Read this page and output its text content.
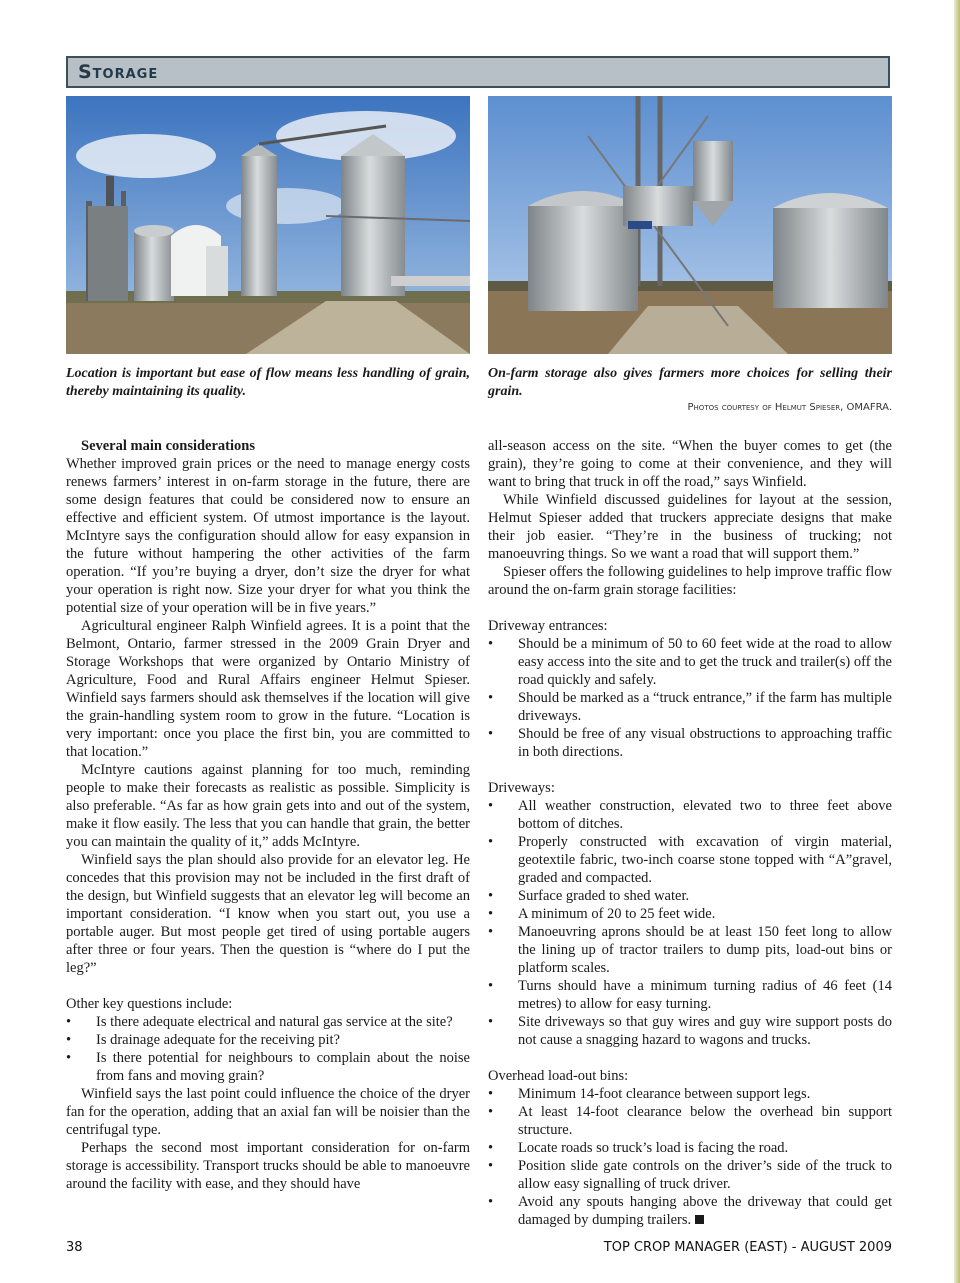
Storage
Location is important but ease of flow means less handling of grain, thereby maintaining its quality.
On-farm storage also gives farmers more choices for selling their grain.
Photos courtesy of Helmut Spieser, OMAFRA.

Several main considerations

Whether improved grain prices or the need to manage energy costs renews farmers’ interest in on-farm storage in the future, there are some design features that could be considered now to ensure an effective and efficient system. Of utmost importance is the layout. McIntyre says the configuration should allow for easy expansion in the future without hampering the other activities of the farm operation. “If you’re buying a dryer, don’t size the dryer for what your operation is right now. Size your dryer for what you think the potential size of your operation will be in five years.”

Agricultural engineer Ralph Winfield agrees. It is a point that the Belmont, Ontario, farmer stressed in the 2009 Grain Dryer and Storage Workshops that were organized by Ontario Ministry of Agriculture, Food and Rural Affairs engineer Helmut Spieser. Winfield says farmers should ask themselves if the location will give the grain-handling system room to grow in the future. “Location is very important: once you place the first bin, you are committed to that location.”

McIntyre cautions against planning for too much, reminding people to make their forecasts as realistic as possible. Simplicity is also preferable. “As far as how grain gets into and out of the system, make it flow easily. The less that you can handle that grain, the better you can maintain the quality of it,” adds McIntyre.

Winfield says the plan should also provide for an elevator leg. He concedes that this provision may not be included in the first draft of the design, but Winfield suggests that an elevator leg will become an important consideration. “I know when you start out, you use a portable auger. But most people get tired of using portable augers after three or four years. Then the question is “where do I put the leg?”

Other key questions include:

• Is there adequate electrical and natural gas service at the site?
• Is drainage adequate for the receiving pit?
• Is there potential for neighbours to complain about the noise from fans and moving grain?

Winfield says the last point could influence the choice of the dryer fan for the operation, adding that an axial fan will be noisier than the centrifugal type.

Perhaps the second most important consideration for on-farm storage is accessibility. Transport trucks should be able to manoeuvre around the facility with ease, and they should have

all-season access on the site. “When the buyer comes to get (the grain), they’re going to come at their convenience, and they will want to bring that truck in off the road,” says Winfield.

While Winfield discussed guidelines for layout at the session, Helmut Spieser added that truckers appreciate designs that make their job easier. “They’re in the business of trucking; not manoeuvring things. So we want a road that will support them.”

Spieser offers the following guidelines to help improve traffic flow around the on-farm grain storage facilities:

Driveway entrances:

• Should be a minimum of 50 to 60 feet wide at the road to allow easy access into the site and to get the truck and trailer(s) off the road quickly and safely.
• Should be marked as a “truck entrance,” if the farm has multiple driveways.
• Should be free of any visual obstructions to approaching traffic in both directions.

Driveways:

• All weather construction, elevated two to three feet above bottom of ditches.
• Properly constructed with excavation of virgin material, geotextile fabric, two-inch coarse stone topped with “A”gravel, graded and compacted.
• Surface graded to shed water.
• A minimum of 20 to 25 feet wide.
• Manoeuvring aprons should be at least 150 feet long to allow the lining up of tractor trailers to dump pits, load-out bins or platform scales.
• Turns should have a minimum turning radius of 46 feet (14 metres) to allow for easy turning.
• Site driveways so that guy wires and guy wire support posts do not cause a snagging hazard to wagons and trucks.

Overhead load-out bins:

• Minimum 14-foot clearance between support legs.
• At least 14-foot clearance below the overhead bin support structure.
• Locate roads so truck’s load is facing the road.
• Position slide gate controls on the driver’s side of the truck to allow easy signalling of truck driver.
• Avoid any spouts hanging above the driveway that could get damaged by dumping trailers.
38	TOP CROP MANAGER (EAST) - AUGUST 2009
